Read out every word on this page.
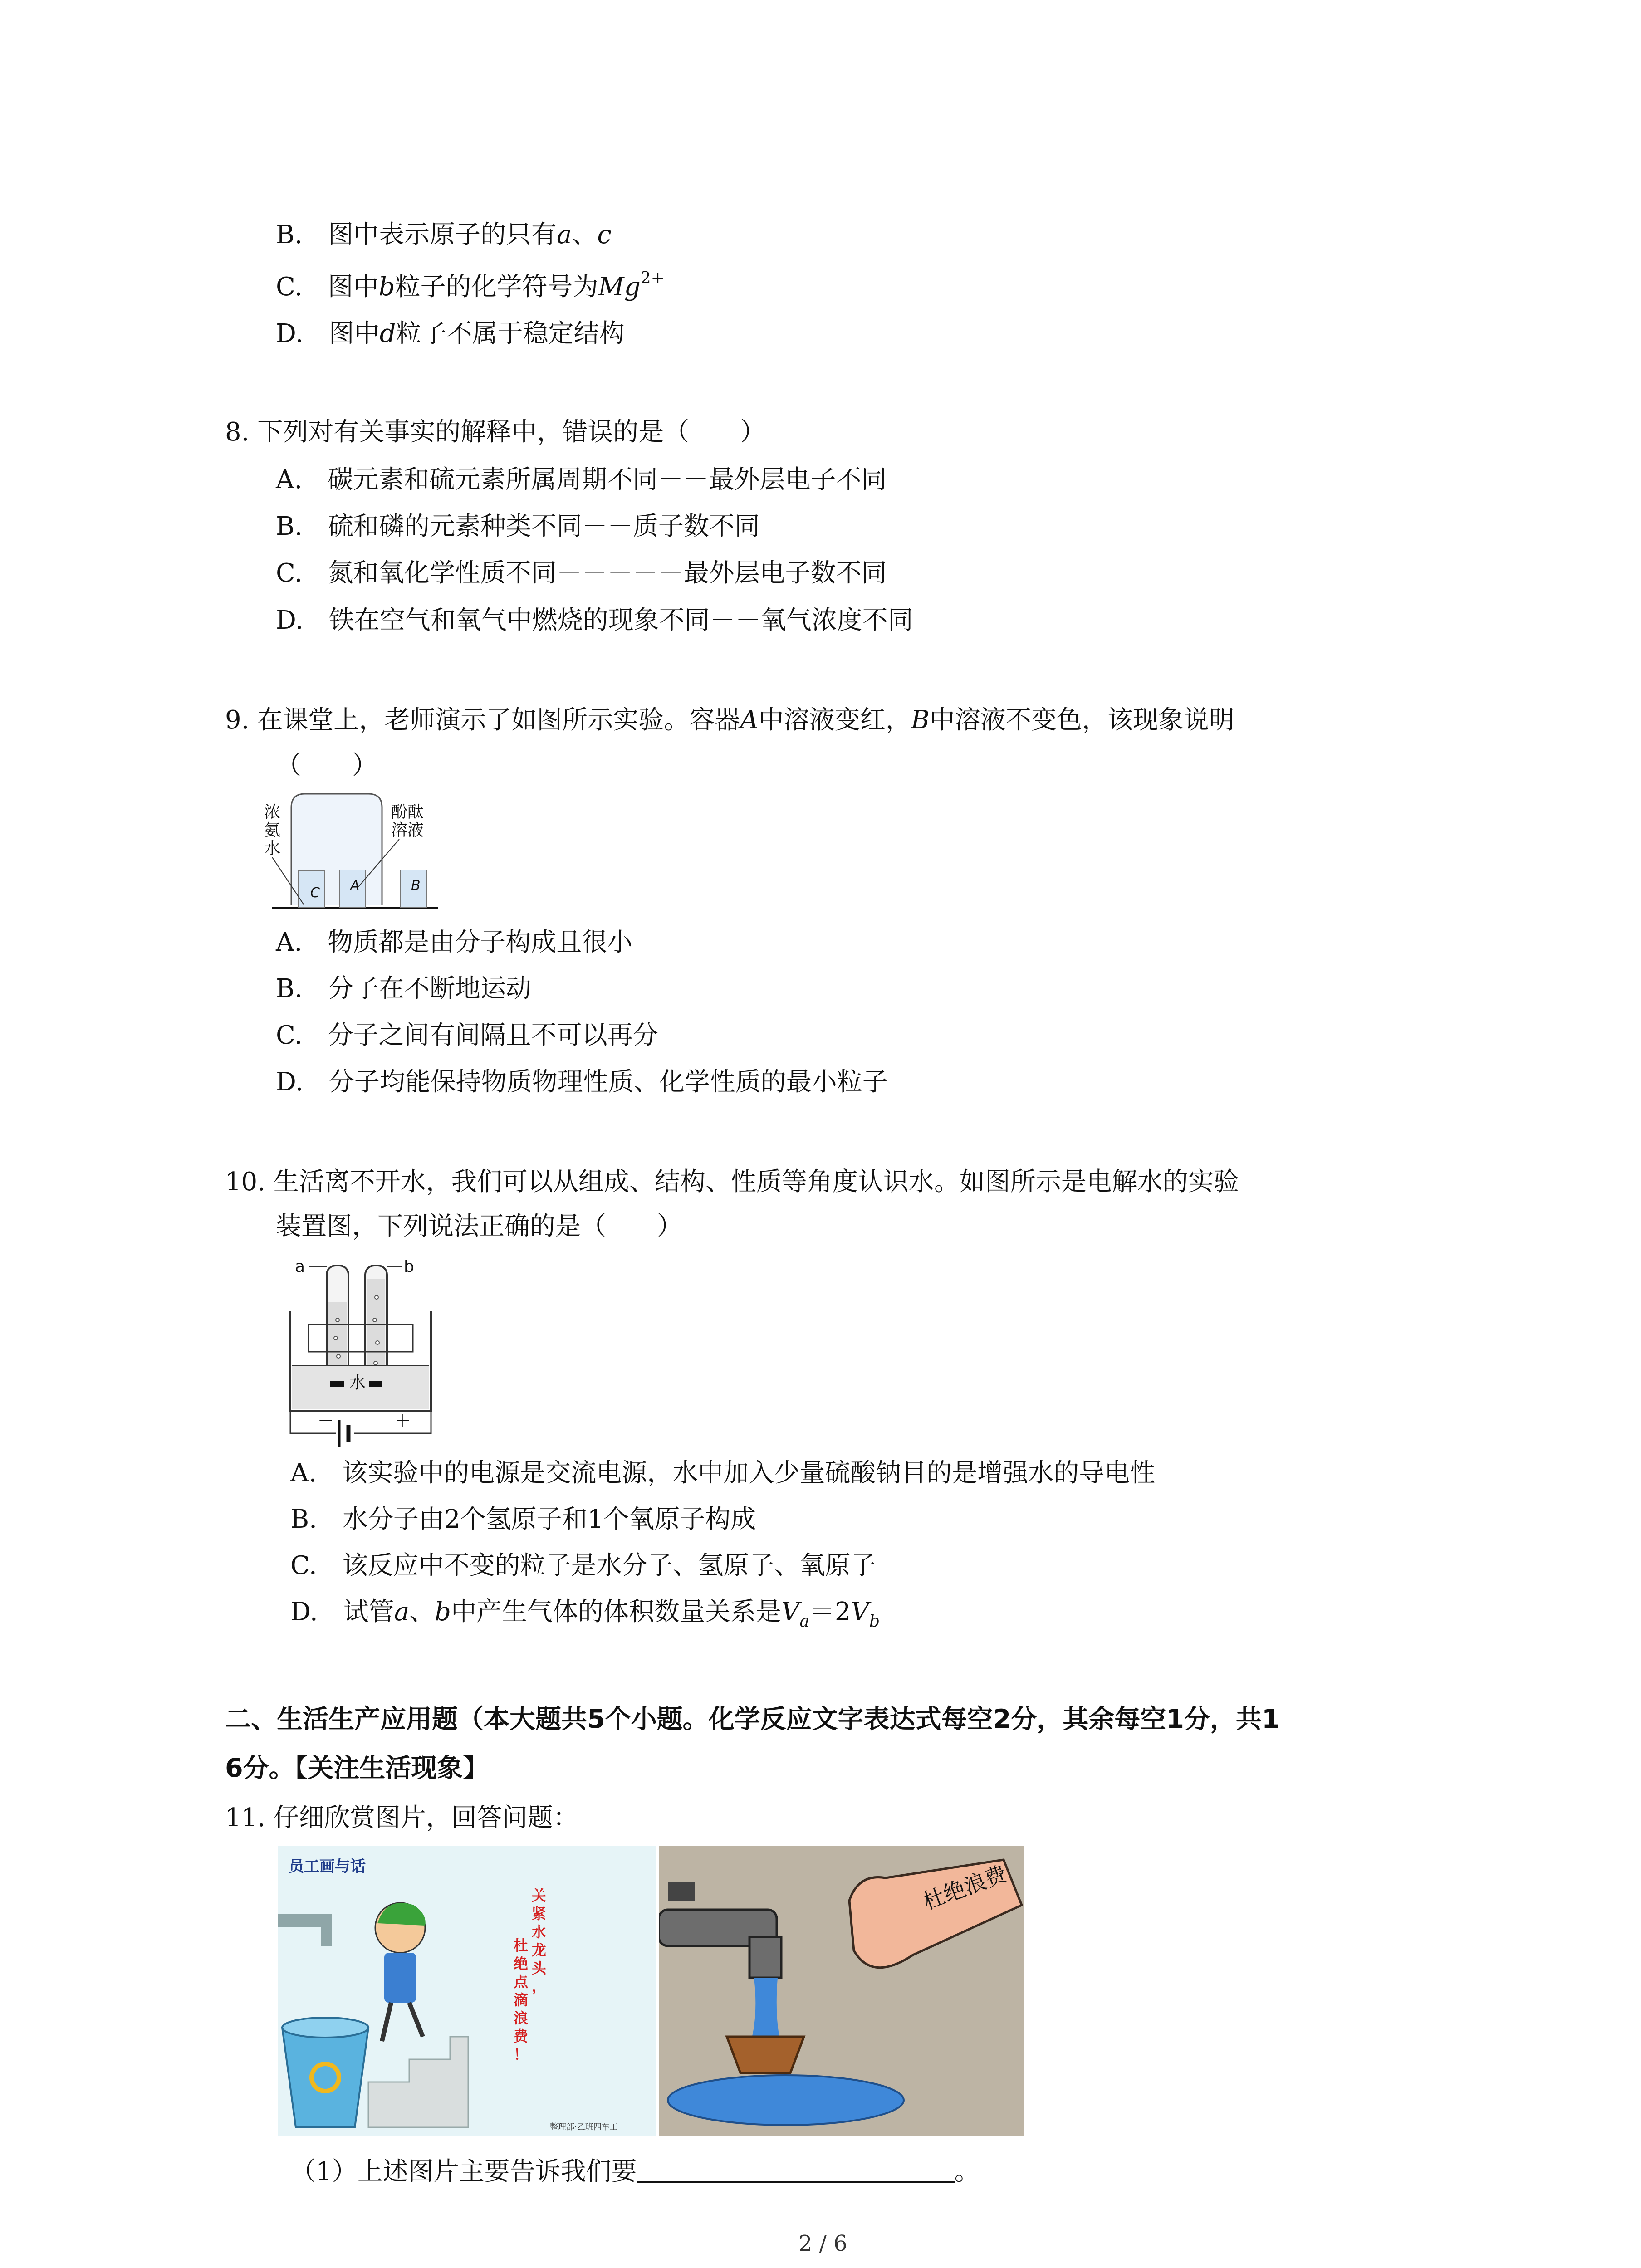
B.　 图中表示原子的只有a、c
C.　 图中b粒子的化学符号为$Mg^{2+}$
D.　 图中d粒子不属于稳定结构
8. 下列对有关事实的解释中，错误的是（　　）
A.　碳元素和硫元素所属周期不同－－最外层电子不同
B.　硫和磷的元素种类不同－－质子数不同
C.　氮和氧化学性质不同－－－－－最外层电子数不同
D.　铁在空气和氧气中燃烧的现象不同－－氧气浓度不同
9. 在课堂上，老师演示了如图所示实验。容器A中溶液变红，B中溶液不变色，该现象说明
（　　）
C A	B
浓
氨
水
酚酞
溶液
A.　物质都是由分子构成且很小
B.　分子在不断地运动
C.　分子之间有间隔且不可以再分
D.　分子均能保持物质物理性质、化学性质的最小粒子
10. 生活离不开水，我们可以从组成、结构、性质等角度认识水。如图所示是电解水的实验
装置图，下列说法正确的是（　　）
a	b
水
－	＋
A.　该实验中的电源是交流电源，水中加入少量硫酸钠目的是增强水的导电性
B.　水分子由2个氢原子和1个氧原子构成
C.　该反应中不变的粒子是水分子、氢原子、氧原子
D.　试管a、b中产生气体的体积数量关系是$V_a=2V_b$
二、生活生产应用题（本大题共5个小题。化学反应文字表达式每空2分，其余每空1分，共1
6分。【关注生活现象】
11. 仔细欣赏图片，回答问题：
员工画与话
关
紧
水
龙
头
，
杜
绝
点
滴
浪
费
！
整理部·乙班四车工
杜绝浪费
（1）上述图片主要告诉我们要	。
2 / 6
